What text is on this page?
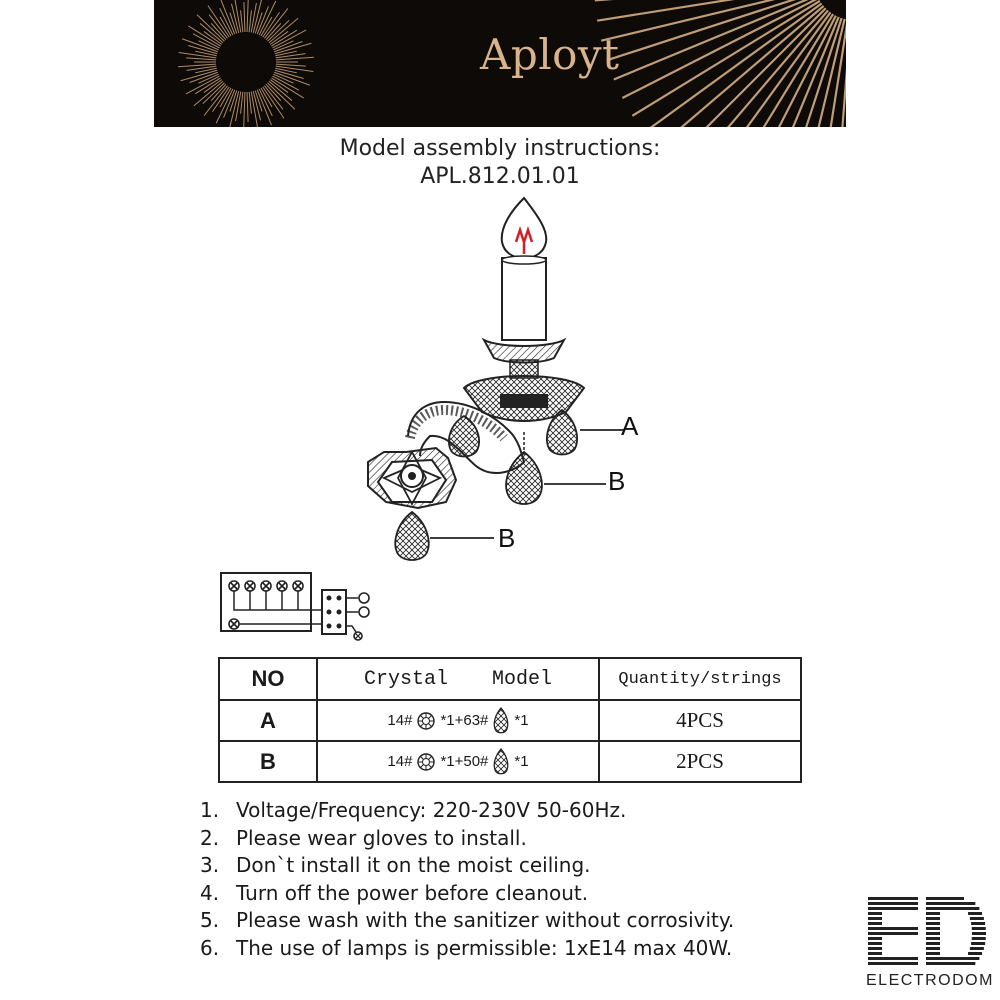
Aployt
Model assembly instructions:
APL.812.01.01
A
B
B
NO	Crystal Model	Quantity/strings
A	14# *1+63# *1	4PCS
B	14# *1+50# *1	2PCS
1. Voltage/Frequency: 220-230V 50-60Hz.
2. Please wear gloves to install.
3. Don`t install it on the moist ceiling.
4. Turn off the power before cleanout.
5. Please wash with the sanitizer without corrosivity.
6. The use of lamps is permissible: 1xE14 max 40W.
ELECTRODOM
